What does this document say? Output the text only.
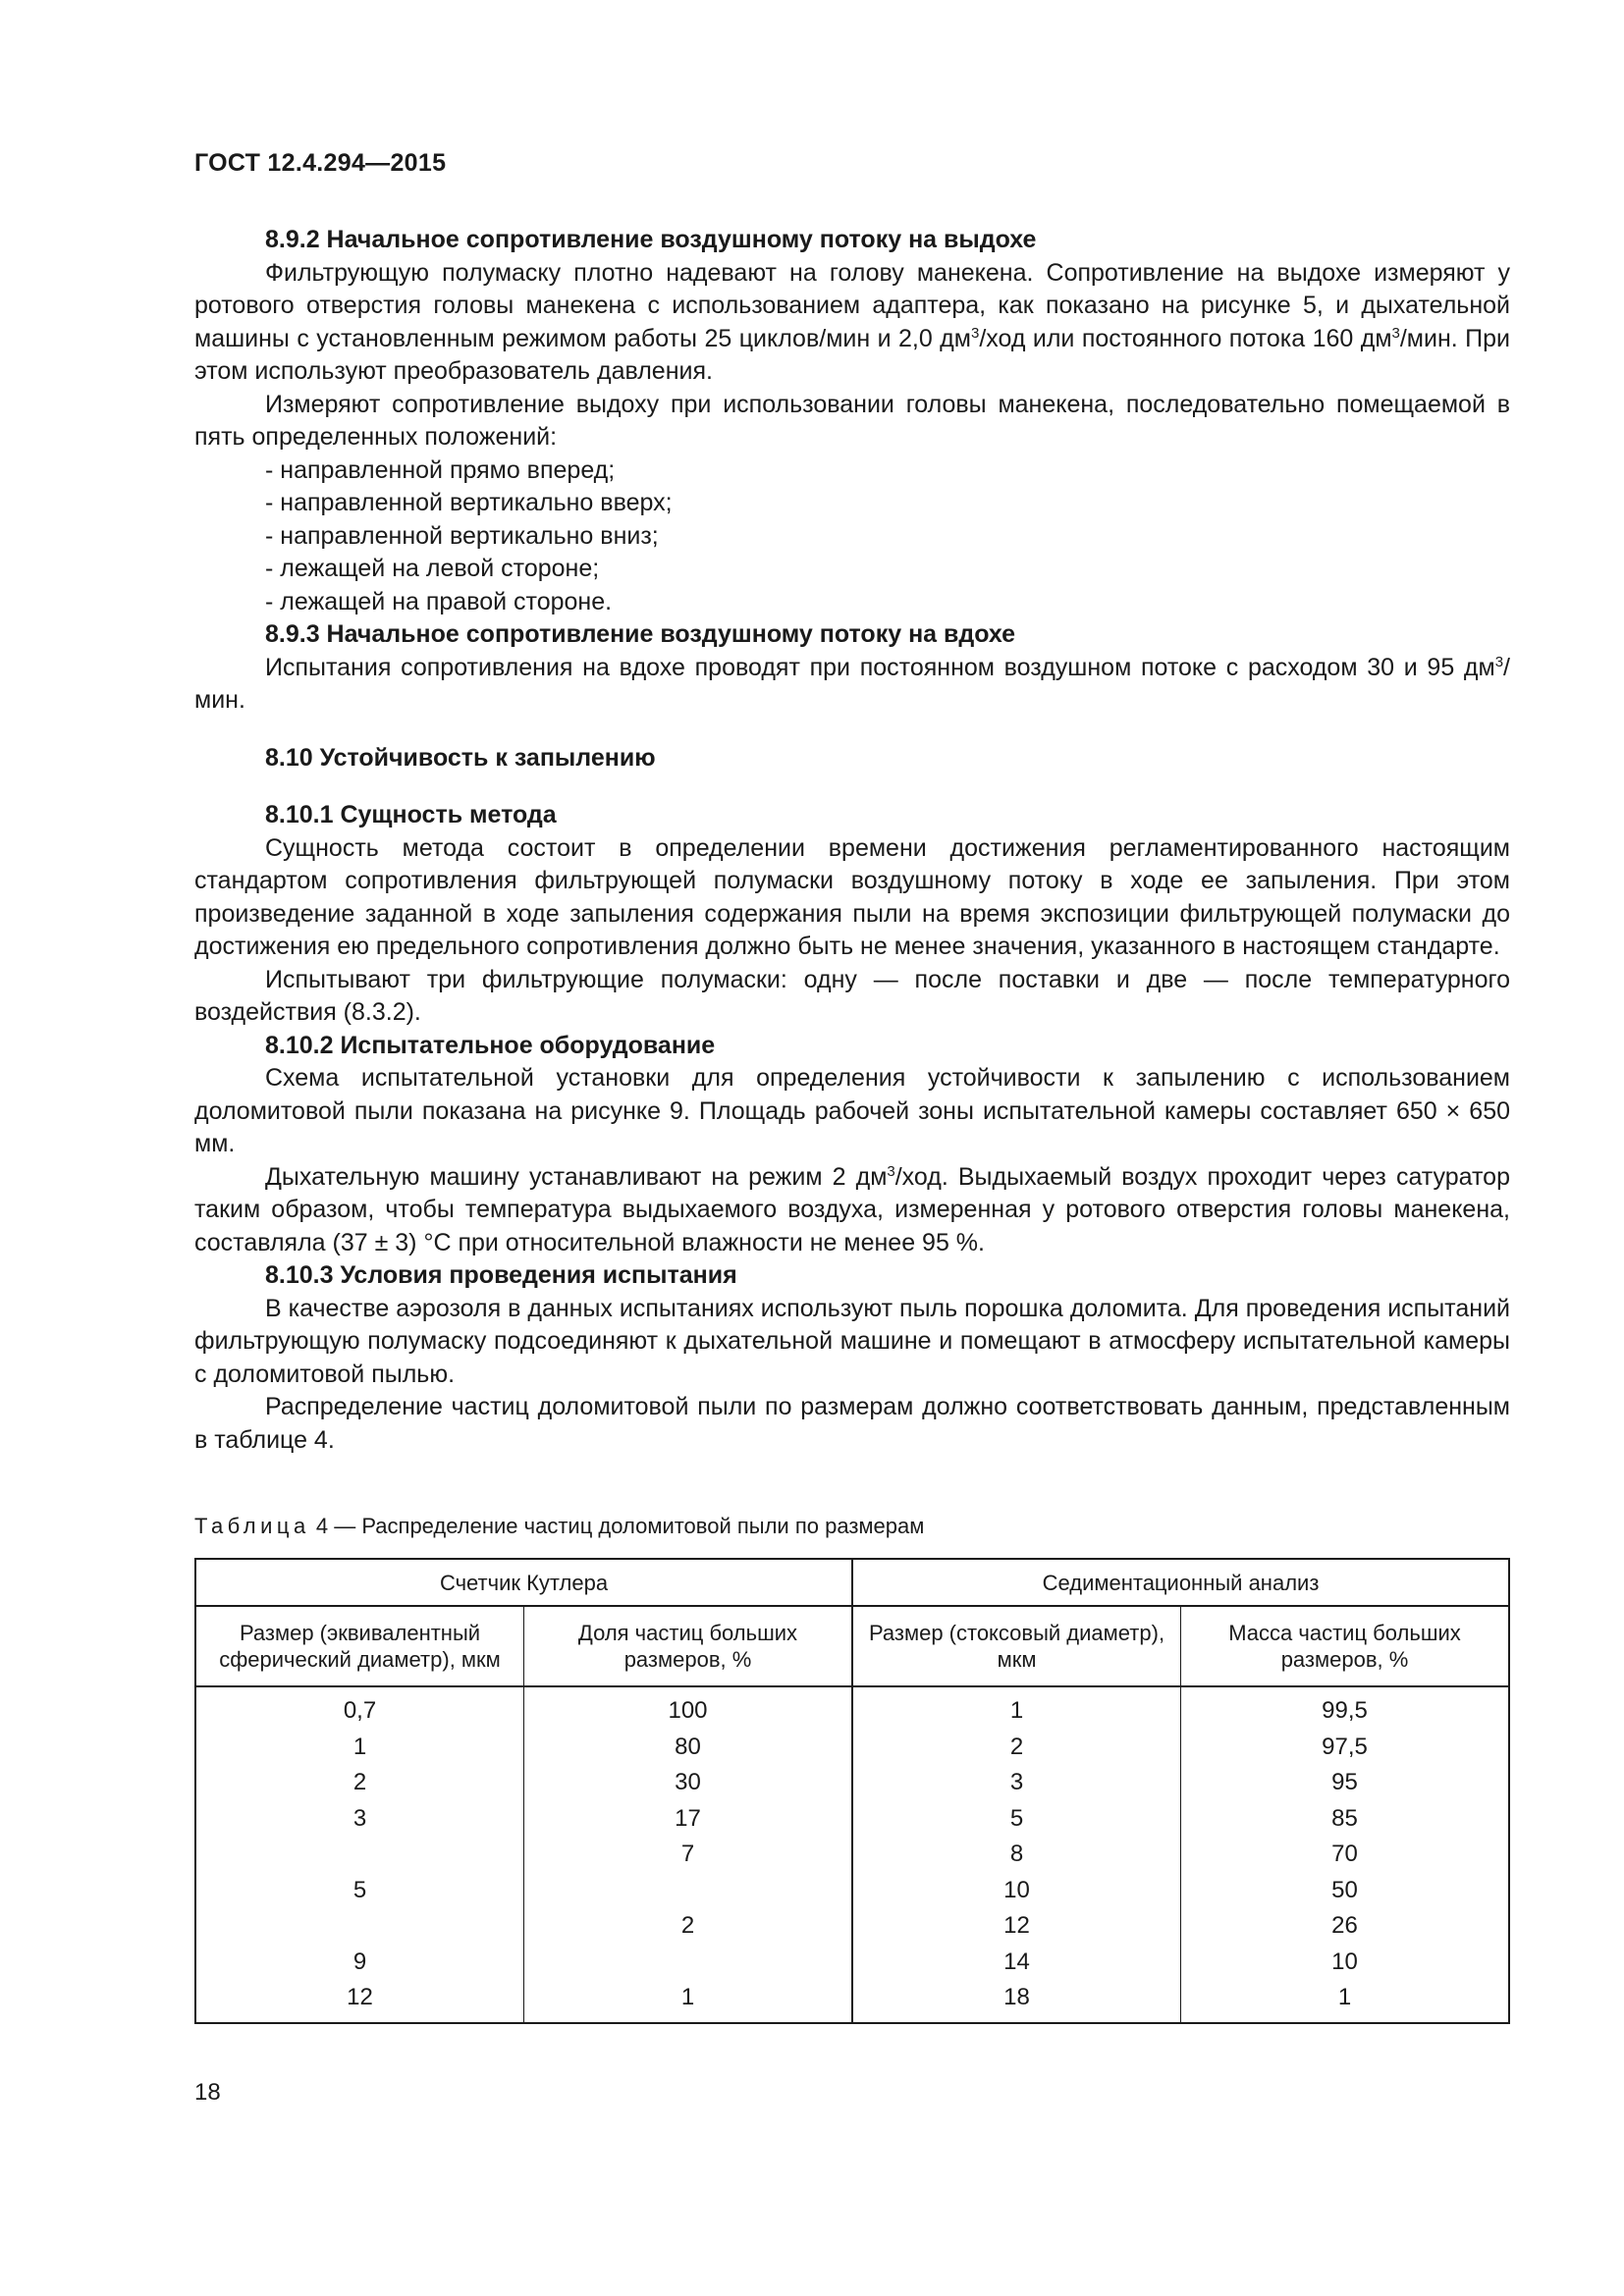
ГОСТ 12.4.294—2015

8.9.2 Начальное сопротивление воздушному потоку на выдохе

Фильтрующую полумаску плотно надевают на голову манекена. Сопротивление на выдохе измеряют у ротового отверстия головы манекена с использованием адаптера, как показано на рисунке 5, и дыхательной машины с установленным режимом работы 25 циклов/мин и 2,0 $дм^3$/ход или постоянного потока 160 $дм^3$/мин. При этом используют преобразователь давления.

Измеряют сопротивление выдоху при использовании головы манекена, последовательно помещаемой в пять определенных положений:

- направленной прямо вперед;

- направленной вертикально вверх;

- направленной вертикально вниз;

- лежащей на левой стороне;

- лежащей на правой стороне.

8.9.3 Начальное сопротивление воздушному потоку на вдохе

Испытания сопротивления на вдохе проводят при постоянном воздушном потоке с расходом 30 и 95 $дм^3$/мин.

8.10 Устойчивость к запылению

8.10.1 Сущность метода

Сущность метода состоит в определении времени достижения регламентированного настоящим стандартом сопротивления фильтрующей полумаски воздушному потоку в ходе ее запыления. При этом произведение заданной в ходе запыления содержания пыли на время экспозиции фильтрующей полумаски до достижения ею предельного сопротивления должно быть не менее значения, указанного в настоящем стандарте.

Испытывают три фильтрующие полумаски: одну — после поставки и две — после температурного воздействия (8.3.2).

8.10.2 Испытательное оборудование

Схема испытательной установки для определения устойчивости к запылению с использованием доломитовой пыли показана на рисунке 9. Площадь рабочей зоны испытательной камеры составляет 650 × 650 мм.

Дыхательную машину устанавливают на режим 2 $дм^3$/ход. Выдыхаемый воздух проходит через сатуратор таким образом, чтобы температура выдыхаемого воздуха, измеренная у ротового отверстия головы манекена, составляла (37 ± 3) °С при относительной влажности не менее 95 %.

8.10.3 Условия проведения испытания

В качестве аэрозоля в данных испытаниях используют пыль порошка доломита. Для проведения испытаний фильтрующую полумаску подсоединяют к дыхательной машине и помещают в атмосферу испытательной камеры с доломитовой пылью.

Распределение частиц доломитовой пыли по размерам должно соответствовать данным, представленным в таблице 4.

Таблица 4 — Распределение частиц доломитовой пыли по размерам
Счетчик Кутлера		Седиментационный анализ	
Размер (эквивалентный сферический диаметр), мкм	Доля частиц больших размеров, %	Размер (стоксовый диаметр), мкм	Масса частиц больших размеров, %
0,7	100	1	99,5
1	80	2	97,5
2	30	3	95
3	17	5	85
	7	8	70
5		10	50
	2	12	26
9		14	10
12	1	18	1
18
